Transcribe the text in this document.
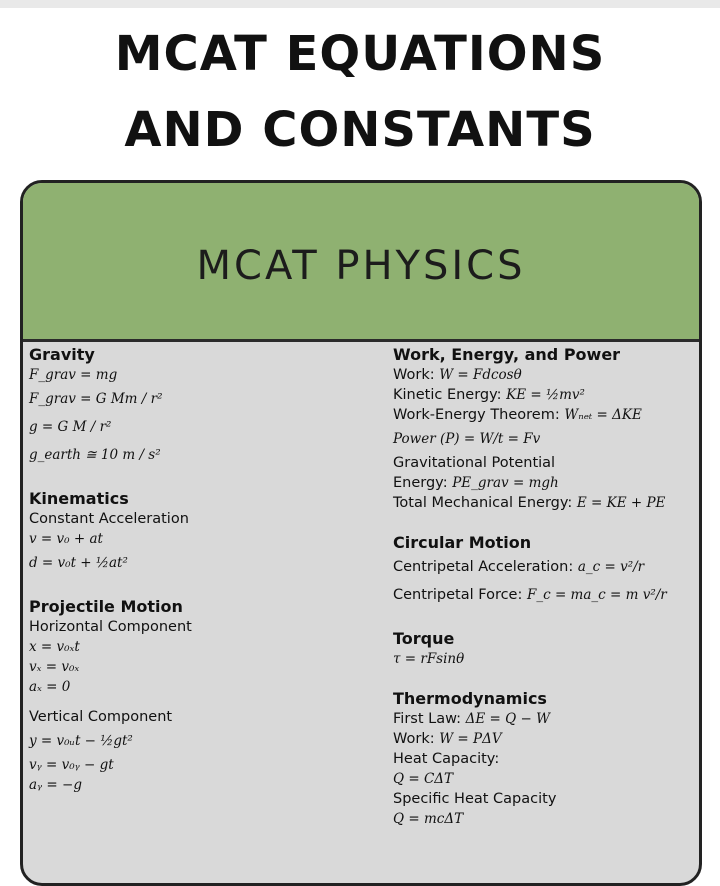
MCAT EQUATIONS
AND CONSTANTS
MCAT PHYSICS
Gravity
F_grav = mg
F_grav = G Mm / r²
g = G M / r²
g_earth ≅ 10 m / s²
Kinematics
Constant Acceleration
v = v₀ + at
d = v₀t + ½at²
Projectile Motion
Horizontal Component
x = v₀ₓt
vₓ = v₀ₓ
aₓ = 0
Vertical Component
y = v₀ᵤt − ½gt²
vᵧ = v₀ᵧ − gt
aᵧ = −g
Work, Energy, and Power
Work: W = Fdcosθ
Kinetic Energy: KE = ½mv²
Work-Energy Theorem: Wₙₑₜ = ΔKE
Power (P) = W/t = Fv
Gravitational Potential
Energy: PE_grav = mgh
Total Mechanical Energy: E = KE + PE
Circular Motion
Centripetal Acceleration: a_c = v²/r
Centripetal Force: F_c = ma_c = m v²/r
Torque
τ = rFsinθ
Thermodynamics
First Law: ΔE = Q − W
Work: W = PΔV
Heat Capacity:
Q = CΔT
Specific Heat Capacity
Q = mcΔT
